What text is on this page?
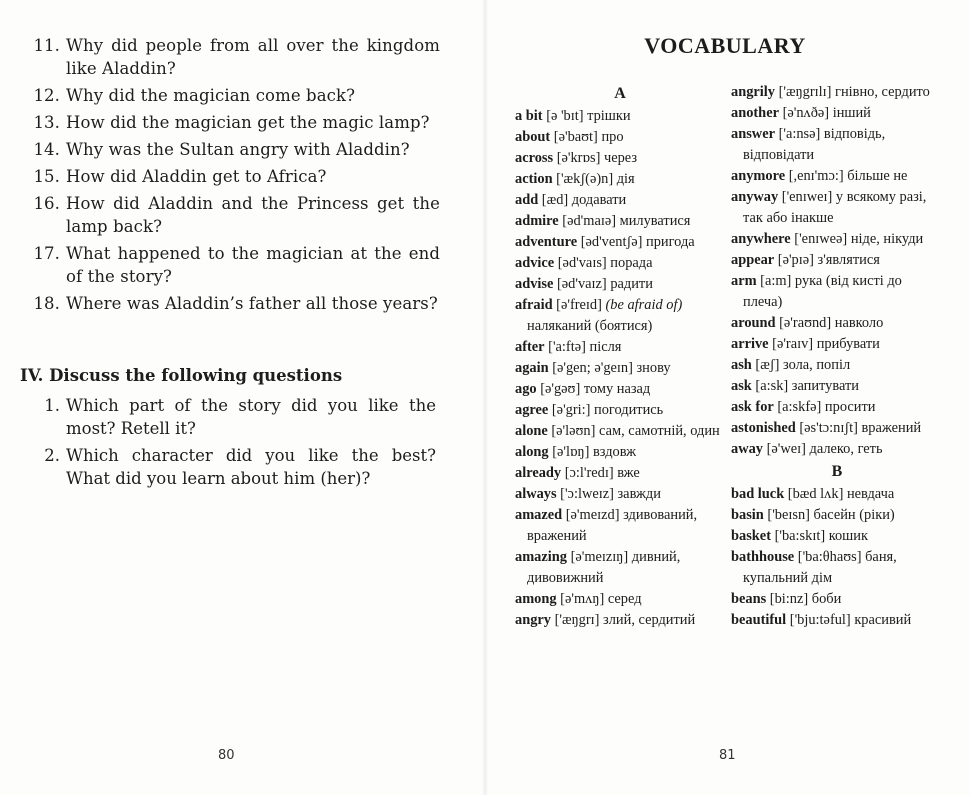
11. Why did people from all over the kingdom like Aladdin?
12. Why did the magician come back?
13. How did the magician get the magic lamp?
14. Why was the Sultan angry with Aladdin?
15. How did Aladdin get to Africa?
16. How did Aladdin and the Princess get the lamp back?
17. What happened to the magician at the end of the story?
18. Where was Aladdin’s father all those years?
IV. Discuss the following questions
1. Which part of the story did you like the most? Retell it?
2. Which character did you like the best? What did you learn about him (her)?
80
VOCABULARY
A
a bit [ə 'bɪt] трішки
about [ə'baʊt] про
across [ə'krɒs] через
action ['ækʃ(ə)n] дія
add [æd] додавати
admire [əd'maɪə] милуватися
adventure [əd'ventʃə] пригода
advice [əd'vaɪs] порада
advise [əd'vaɪz] радити
afraid [ə'freɪd] (be afraid of) наляканий (боятися)
after ['a:ftə] після
again [ə'gen; ə'geɪn] знову
ago [ə'gəʊ] тому назад
agree [ə'gri:] погодитись
alone [ə'ləʊn] сам, самотній, один
along [ə'lɒŋ] вздовж
already [ɔ:l'redɪ] вже
always ['ɔ:lweɪz] завжди
amazed [ə'meɪzd] здивований, вражений
amazing [ə'meɪzɪŋ] дивний, дивовижний
among [ə'mʌŋ] серед
angry ['æŋgrɪ] злий, сердитий
angrily ['æŋgrɪlɪ] гнівно, сердито
another [ə'nʌðə] інший
answer ['a:nsə] відповідь, відповідати
anymore [,enɪ'mɔ:] більше не
anyway ['enɪweɪ] у всякому разі, так або інакше
anywhere ['enɪweə] ніде, нікуди
appear [ə'pɪə] з'являтися
arm [a:m] рука (від кисті до плеча)
around [ə'raʊnd] навколо
arrive [ə'raɪv] прибувати
ash [æʃ] зола, попіл
ask [a:sk] запитувати
ask for [a:skfə] просити
astonished [əs'tɔ:nɪʃt] вражений
away [ə'weɪ] далеко, геть
B
bad luck [bæd lʌk] невдача
basin ['beɪsn] басейн (ріки)
basket ['ba:skɪt] кошик
bathhouse ['ba:θhaʊs] баня, купальний дім
beans [bi:nz] боби
beautiful ['bju:təful] красивий
81
